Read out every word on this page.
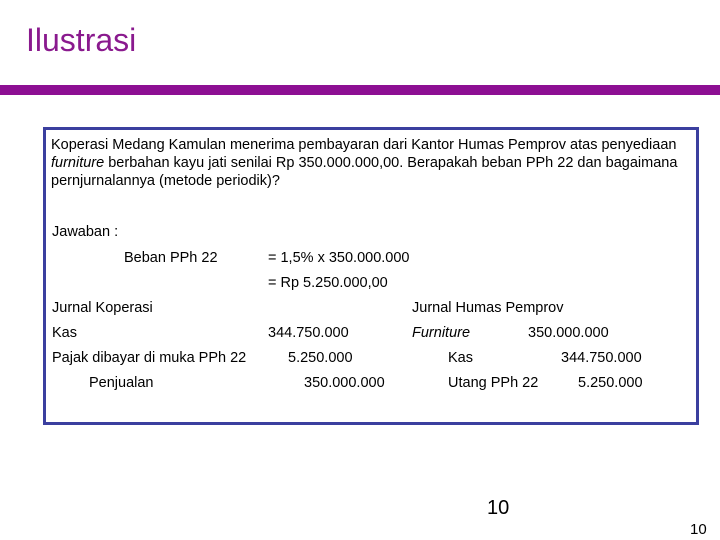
Ilustrasi
Koperasi Medang Kamulan menerima pembayaran dari Kantor Humas Pemprov atas penyediaan furniture berbahan kayu jati senilai Rp 350.000.000,00. Berapakah beban PPh 22 dan bagaimana pernjurnalannya (metode periodik)?
Jawaban :
Beban PPh 22	= 1,5% x 350.000.000
= Rp 5.250.000,00
Jurnal Koperasi	Jurnal Humas Pemprov
Kas	344.750.000	Furniture	350.000.000
Pajak dibayar di muka PPh 22	5.250.000	Kas	344.750.000
Penjualan	350.000.000	Utang PPh 22	5.250.000
10
10
